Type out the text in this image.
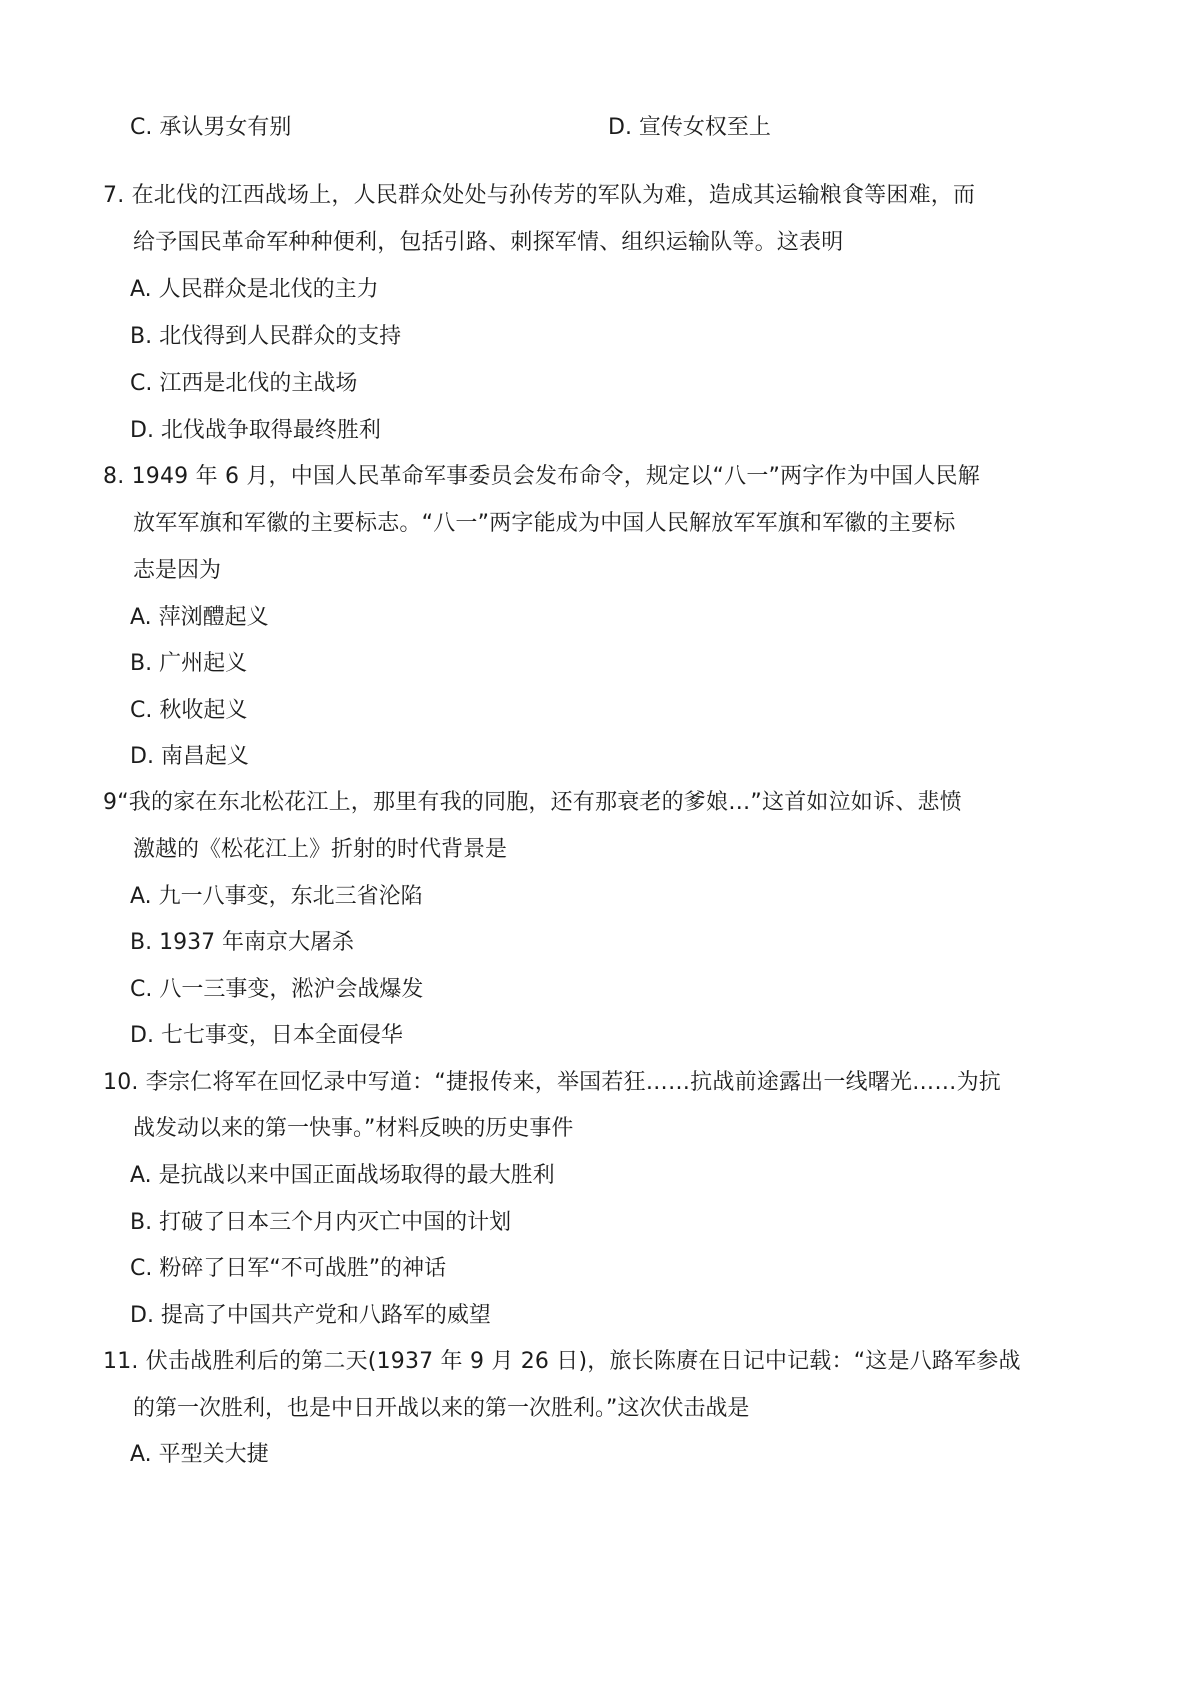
C. 承认男女有别	D. 宣传女权至上
7. 在北伐的江西战场上，人民群众处处与孙传芳的军队为难，造成其运输粮食等困难，而
给予国民革命军种种便利，包括引路、刺探军情、组织运输队等。这表明
A. 人民群众是北伐的主力
B. 北伐得到人民群众的支持
C. 江西是北伐的主战场
D. 北伐战争取得最终胜利
8. 1949 年 6 月，中国人民革命军事委员会发布命令，规定以“八一”两字作为中国人民解
放军军旗和军徽的主要标志。“八一”两字能成为中国人民解放军军旗和军徽的主要标
志是因为
A. 萍浏醴起义
B. 广州起义
C. 秋收起义
D. 南昌起义
9“我的家在东北松花江上，那里有我的同胞，还有那衰老的爹娘…”这首如泣如诉、悲愤
激越的《松花江上》折射的时代背景是
A. 九一八事变，东北三省沦陷
B. 1937 年南京大屠杀
C. 八一三事变，淞沪会战爆发
D. 七七事变，日本全面侵华
10. 李宗仁将军在回忆录中写道：“捷报传来，举国若狂……抗战前途露出一线曙光……为抗
战发动以来的第一快事。”材料反映的历史事件
A. 是抗战以来中国正面战场取得的最大胜利
B. 打破了日本三个月内灭亡中国的计划
C. 粉碎了日军“不可战胜”的神话
D. 提高了中国共产党和八路军的威望
11. 伏击战胜利后的第二天(1937 年 9 月 26 日)，旅长陈赓在日记中记载：“这是八路军参战
的第一次胜利，也是中日开战以来的第一次胜利。”这次伏击战是
A. 平型关大捷
